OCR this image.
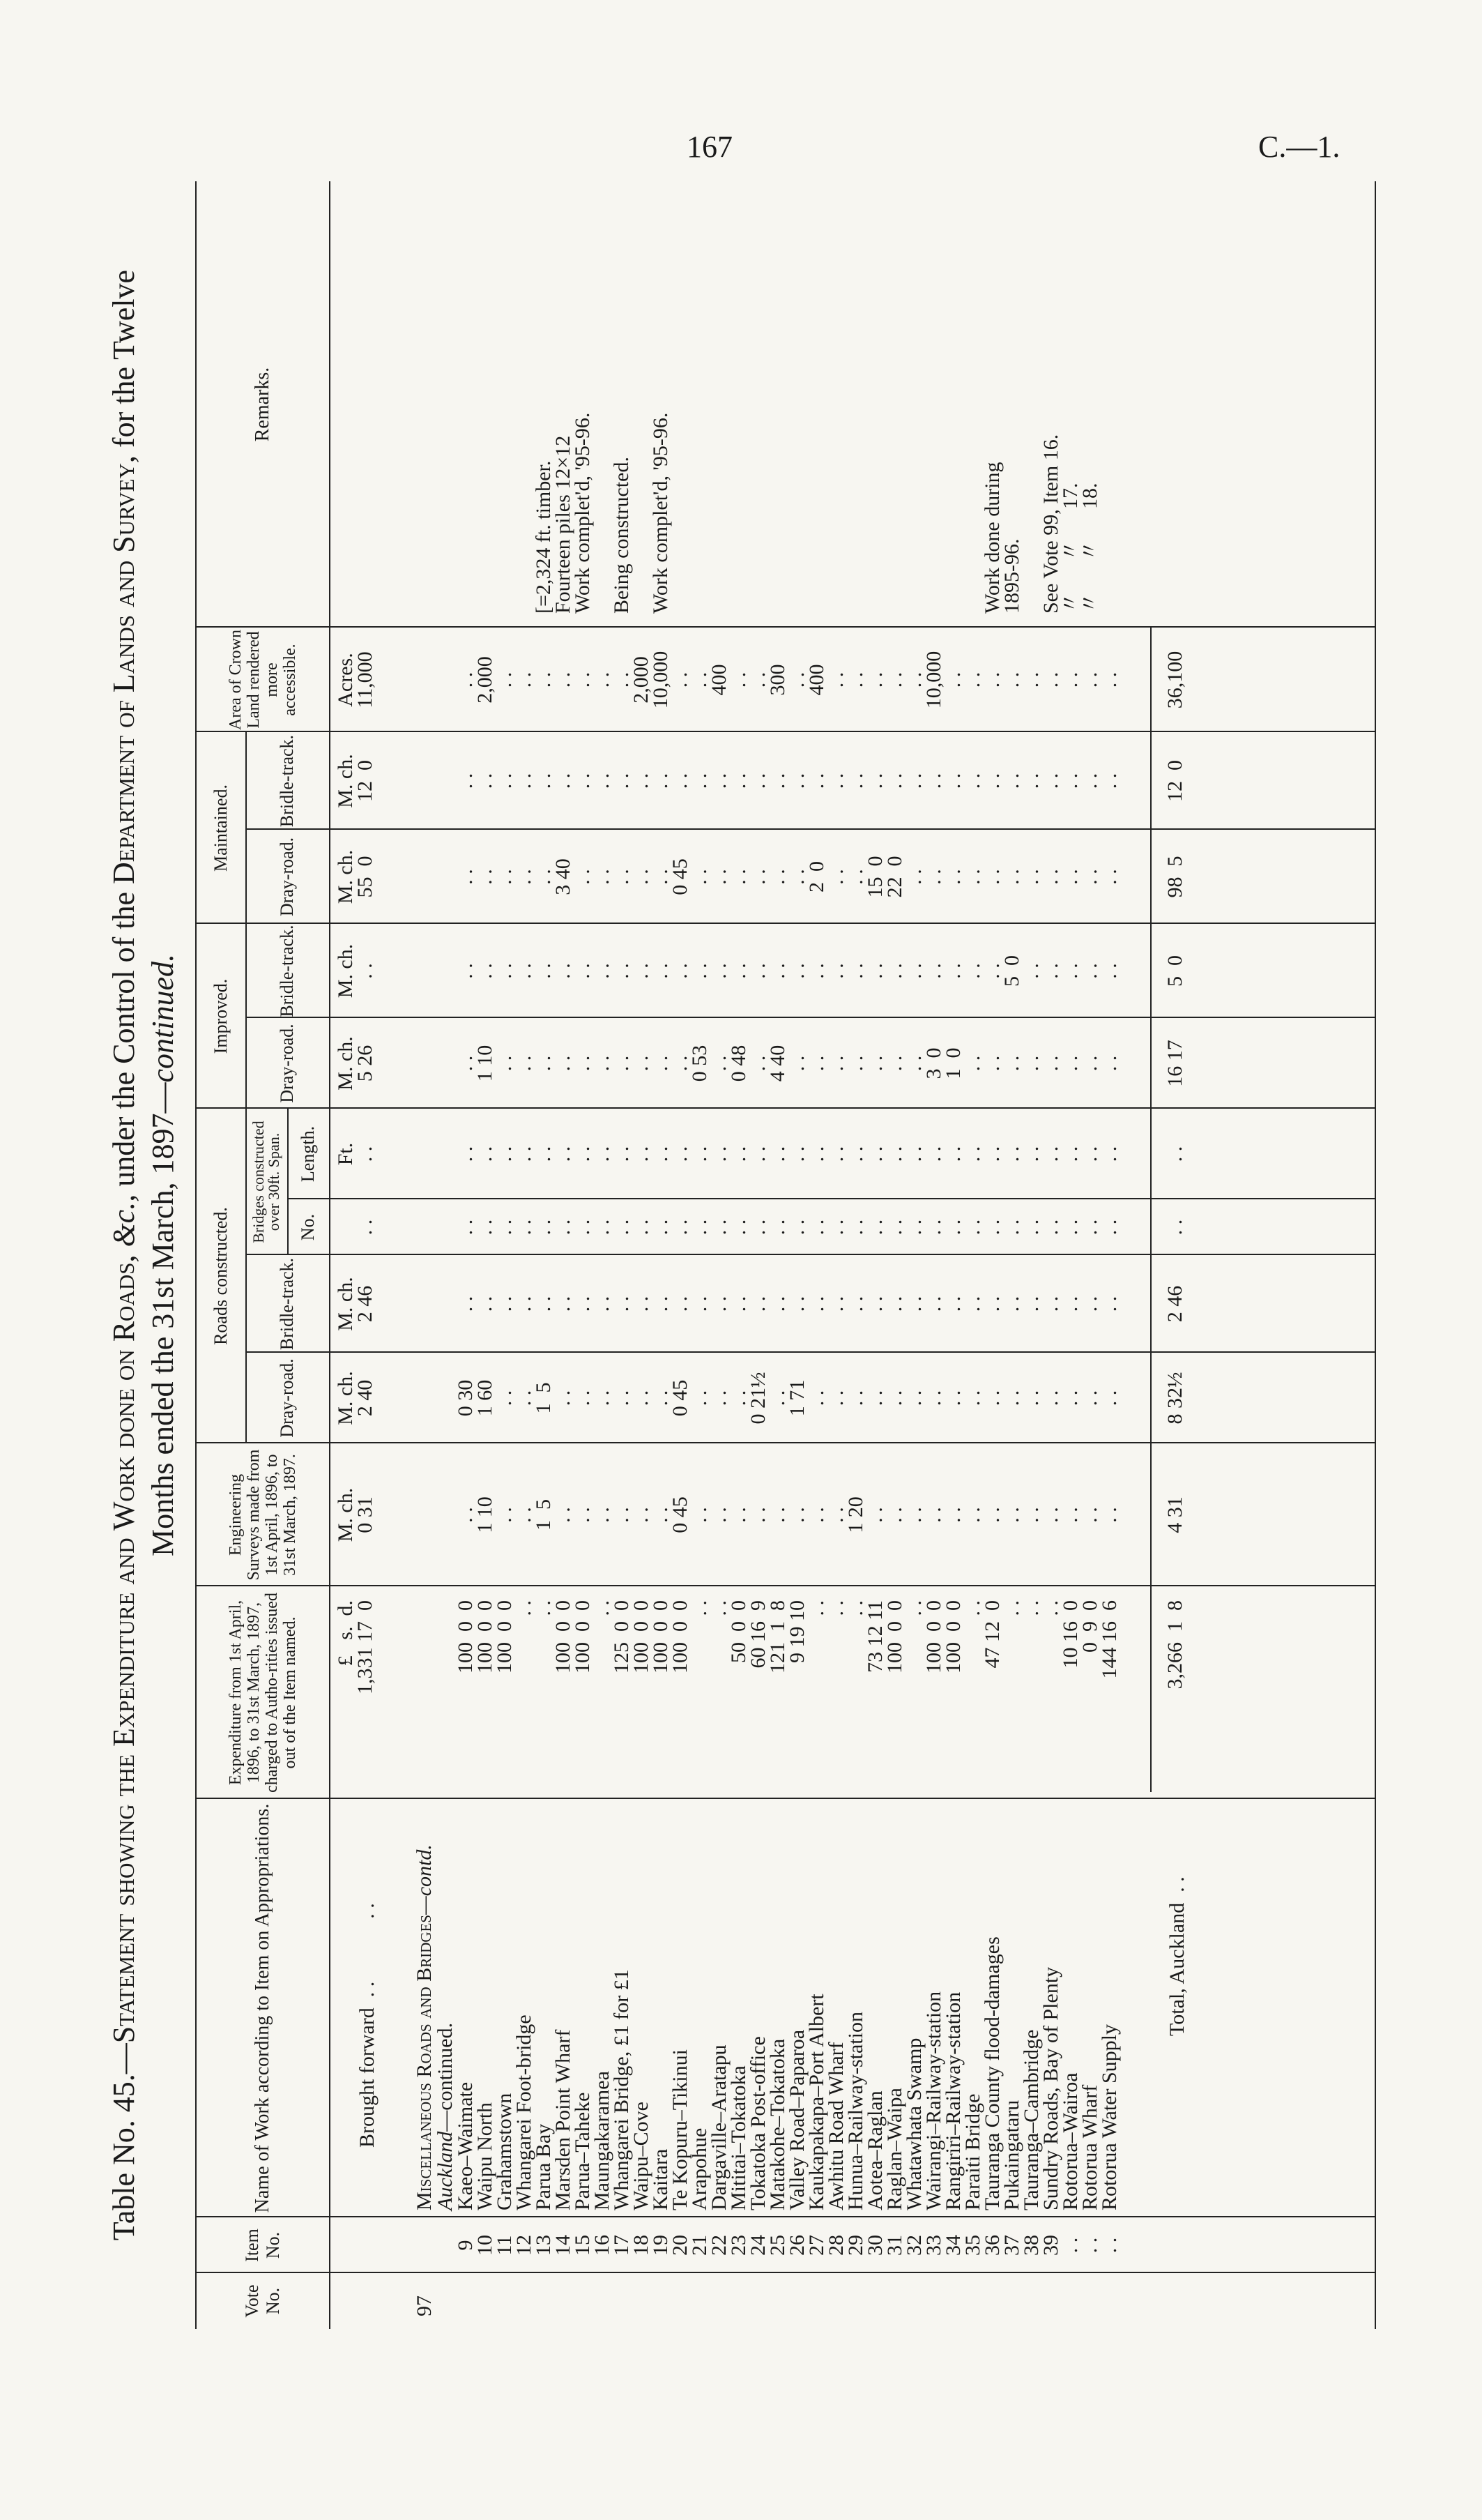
167	C.—1.
Table No. 45.—Statement showing the Expenditure and Work done on Roads, &c., under the Control of the Department of Lands and Survey, for the Twelve
Months ended the 31st March, 1897—continued.
Vote No.
Item No.
Name of Work according to Item on Appropriations.
Expenditure from 1st April, 1896, to 31st March, 1897, charged to Autho-rities issued out of the Item named.
Engineering Surveys made from 1st April, 1896, to 31st March, 1897.
Roads constructed.
Dray-road.
Bridle-track.
Bridges constructed over 30ft. Span. No.
Length.
Improved.
Dray-road.
Bridle-track.
Maintained.
Dray-road.
Bridle-track.
Area of Crown Land rendered more accessible.
Remarks.
£   s.  d.
M. ch.
M. ch.
M. ch.
Ft.
M. ch.
M. ch.
M. ch.
M. ch.
Acres.
Brought forward  . .            . .
1,331 17  0
0 31
2 40
2 46
. .
. .
5 26
. .
55  0
12  0
11,000
97
Miscellaneous Roads and Bridges—contd.
Auckland—continued.
9
10
11
12
13
14
15
16
17
18
19
20
21
22
23
24
25
26
27
28
29
30
31
32
33
34
35
36
37
38
39
. .
. .
. .
Kaeo–Waimate
Waipu North
Grahamstown
Whangarei Foot-bridge
Parua Bay
Marsden Point Wharf
Parua–Taheke
Maungakaramea
Whangarei Bridge, £1 for £1
Waipu–Cove
Kaitara
Te Kopuru–Tikinui
Arapohue
Dargaville–Aratapu
Mititai–Tokatoka
Tokatoka Post-office
Matakohe–Tokatoka
Valley Road–Paparoa
Kaukapakapa–Port Albert
Awhitu Road Wharf
Hunua–Railway-station
Aotea–Raglan
Raglan–Waipa
Whatawhata Swamp
Wairangi–Railway-station
Rangiriri–Railway-station
Paraiti Bridge
Tauranga County flood-damages
Pukaingataru
Tauranga–Cambridge
Sundry Roads, Bay of Plenty
Rotorua–Wairoa
Rotorua Wharf
Rotorua Water Supply
100  0  0
100  0  0
100  0  0
. .
. .
100  0  0
100  0  0
. .
125  0  0
100  0  0
100  0  0
100  0  0
. .
. .
50  0  0
60 16  9
121  1  8
9 19 10
. .
. .
. .
73 12 11
100  0  0
. .
100  0  0
100  0  0
. .
47 12  0
. .
. .
. .
10 16  0
0  9  0
144 16  6
. .
1 10
. .
. .
1  5
. .
. .
. .
. .
. .
. .
0 45
. .
. .
. .
. .
. .
. .
. .
. .
1 20
. .
. .
. .
. .
. .
. .
. .
. .
. .
. .
. .
. .
. .
0 30
1 60
. .
. .
1  5
. .
. .
. .
. .
. .
. .
0 45
. .
. .
. .
0 21½
. .
1 71
. .
. .
. .
. .
. .
. .
. .
. .
. .
. .
. .
. .
. .
. .
. .
. .
. .
. .
. .
. .
. .
. .
. .
. .
. .
. .
. .
. .
. .
. .
. .
. .
. .
. .
. .
. .
. .
. .
. .
. .
. .
. .
. .
. .
. .
. .
. .
. .
. .
. .
. .
. .
. .
. .
. .
. .
. .
. .
. .
. .
. .
. .
. .
. .
. .
. .
. .
. .
. .
. .
. .
. .
. .
. .
. .
. .
. .
. .
. .
. .
. .
. .
. .
. .
. .
. .
. .
. .
. .
. .
. .
. .
. .
. .
. .
. .
. .
. .
. .
. .
. .
. .
. .
. .
. .
. .
. .
. .
. .
. .
. .
. .
. .
. .
. .
. .
. .
. .
. .
1 10
. .
. .
. .
. .
. .
. .
. .
. .
. .
. .
0 53
. .
0 48
. .
4 40
. .
. .
. .
. .
. .
. .
. .
3  0
1  0
. .
. .
. .
. .
. .
. .
. .
. .
. .
. .
. .
. .
. .
. .
. .
. .
. .
. .
. .
. .
. .
. .
. .
. .
. .
. .
. .
. .
. .
. .
. .
. .
. .
. .
. .
. .
5  0
. .
. .
. .
. .
. .
. .
. .
. .
. .
. .
3 40
. .
. .
. .
. .
. .
0 45
. .
. .
. .
. .
. .
. .
2  0
. .
. .
15  0
22  0
. .
. .
. .
. .
. .
. .
. .
. .
. .
. .
. .
. .
. .
. .
. .
. .
. .
. .
. .
. .
. .
. .
. .
. .
. .
. .
. .
. .
. .
. .
. .
. .
. .
. .
. .
. .
. .
. .
. .
. .
. .
. .
. .
. .
. .
. .
2,000
. .
. .
. .
. .
. .
. .
. .
2,000
10,000
. .
. .
400
. .
. .
300
. .
400
. .
. .
. .
. .
. .
10,000
. .
. .
. .
. .
. .
. .
. .
. .
. .
[=2,324 ft. timber.
Fourteen piles 12×12
Work complet'd, '95-96. Being constructed. Work complet'd, '95-96.	Work done during
1895-96. See Vote 99, Item 16.
〃      〃      17.
〃      〃      18.
Total, Auckland  . .
3,266  1  8
4 31
8 32½
2 46
. .
. .
16 17
5  0
98  5
12  0
36,100
